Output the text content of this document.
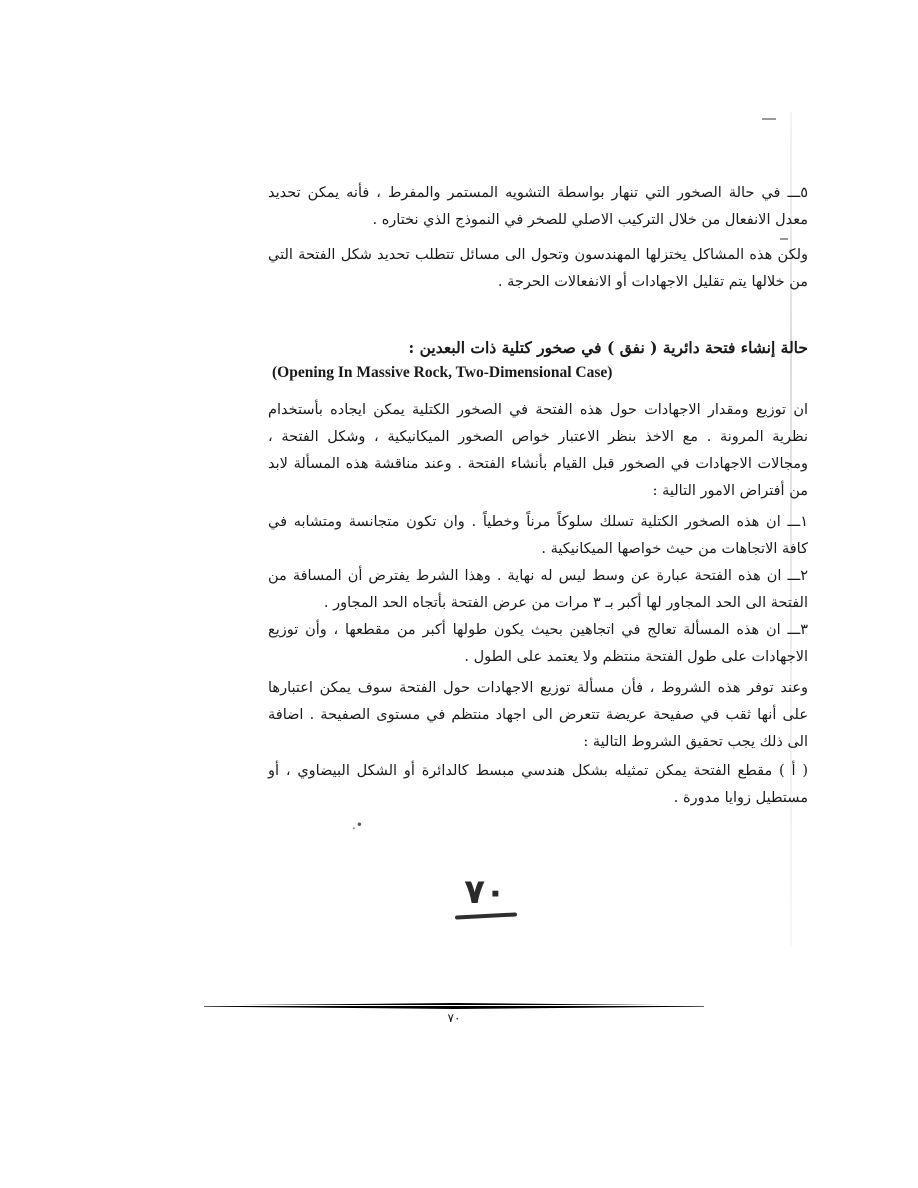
٥ـــ في حالة الصخور التي تنهار بواسطة التشويه المستمر والمفرط ، فأنه يمكن تحديد معدل الانفعال من خلال التركيب الاصلي للصخر في النموذج الذي نختاره .

ولكن هذه المشاكل يختزلها المهندسون وتحول الى مسائل تتطلب تحديد شكل الفتحة التي من خلالها يتم تقليل الاجهادات أو الانفعالات الحرجة .

حالة إنشاء فتحة دائرية ( نفق ) في صخور كتلية ذات البعدين :
(Opening In Massive Rock, Two-Dimensional Case)

ان توزيع ومقدار الاجهادات حول هذه الفتحة في الصخور الكتلية يمكن ايجاده بأستخدام نظرية المرونة . مع الاخذ بنظر الاعتبار خواص الصخور الميكانيكية ، وشكل الفتحة ، ومجالات الاجهادات في الصخور قبل القيام بأنشاء الفتحة . وعند مناقشة هذه المسألة لابد من أفتراض الامور التالية :

١ـــ ان هذه الصخور الكتلية تسلك سلوكاً مرناً وخطياً . وان تكون متجانسة ومتشابه في كافة الاتجاهات من حيث خواصها الميكانيكية .

٢ـــ ان هذه الفتحة عبارة عن وسط ليس له نهاية . وهذا الشرط يفترض أن المسافة من الفتحة الى الحد المجاور لها أكبر بـ ٣ مرات من عرض الفتحة بأتجاه الحد المجاور .

٣ـــ ان هذه المسألة تعالج في اتجاهين بحيث يكون طولها أكبر من مقطعها ، وأن توزيع الاجهادات على طول الفتحة منتظم ولا يعتمد على الطول .

وعند توفر هذه الشروط ، فأن مسألة توزيع الاجهادات حول الفتحة سوف يمكن اعتبارها على أنها ثقب في صفيحة عريضة تتعرض الى اجهاد منتظم في مستوى الصفيحة . اضافة الى ذلك يجب تحقيق الشروط التالية :

( أ ) مقطع الفتحة يمكن تمثيله بشكل هندسي مبسط كالدائرة أو الشكل البيضاوي ، أو مستطيل زوايا مدورة .

.•
٧٠
٧٠
